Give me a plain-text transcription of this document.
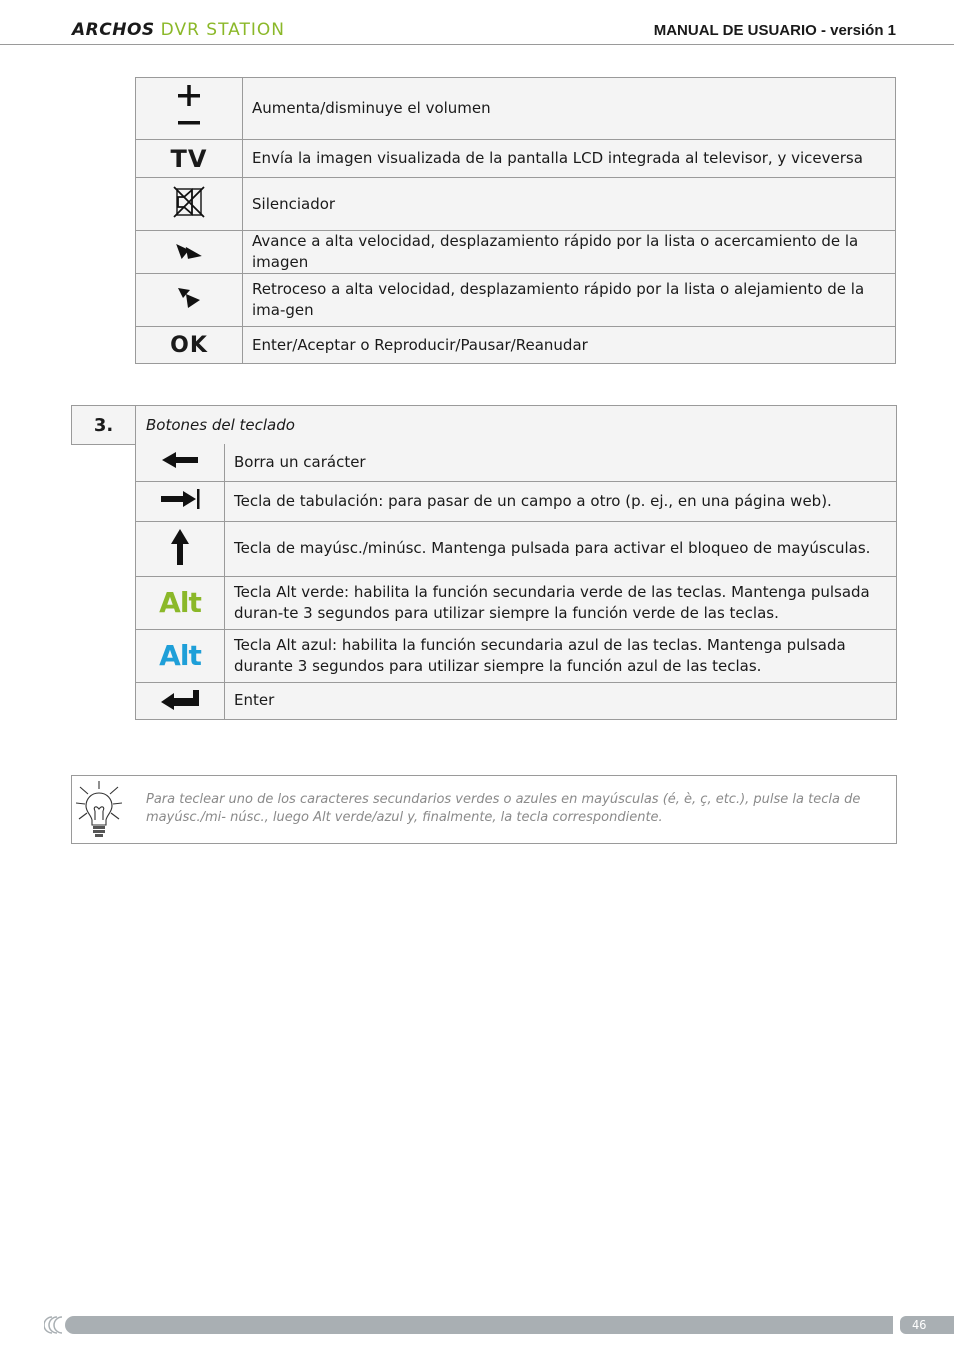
ARCHOS DVR STATION	MANUAL DE USUARIO - versión 1
	Aumenta/disminuye el volumen
TV	Envía la imagen visualizada de la pantalla LCD integrada al televisor, y viceversa
	Silenciador
	Avance a alta velocidad, desplazamiento rápido por la lista o acercamiento de la imagen
	Retroceso a alta velocidad, desplazamiento rápido por la lista o alejamiento de la ima-gen
OK	Enter/Aceptar o Reproducir/Pausar/Reanudar
3.	Botones del teclado
	Borra un carácter
	Tecla de tabulación: para pasar de un campo a otro (p. ej., en una página web).
	Tecla de mayúsc./minúsc. Mantenga pulsada para activar el bloqueo de mayúsculas.
Alt	Tecla Alt verde: habilita la función secundaria verde de las teclas. Mantenga pulsada duran-te 3 segundos para utilizar siempre la función verde de las teclas.
Alt	Tecla Alt azul: habilita la función secundaria azul de las teclas. Mantenga pulsada durante 3 segundos para utilizar siempre la función azul de las teclas.
	Enter
Para teclear uno de los caracteres secundarios verdes o azules en mayúsculas (é, è, ç, etc.), pulse la tecla de mayúsc./mi- núsc., luego Alt verde/azul y, finalmente, la tecla correspondiente.
46
